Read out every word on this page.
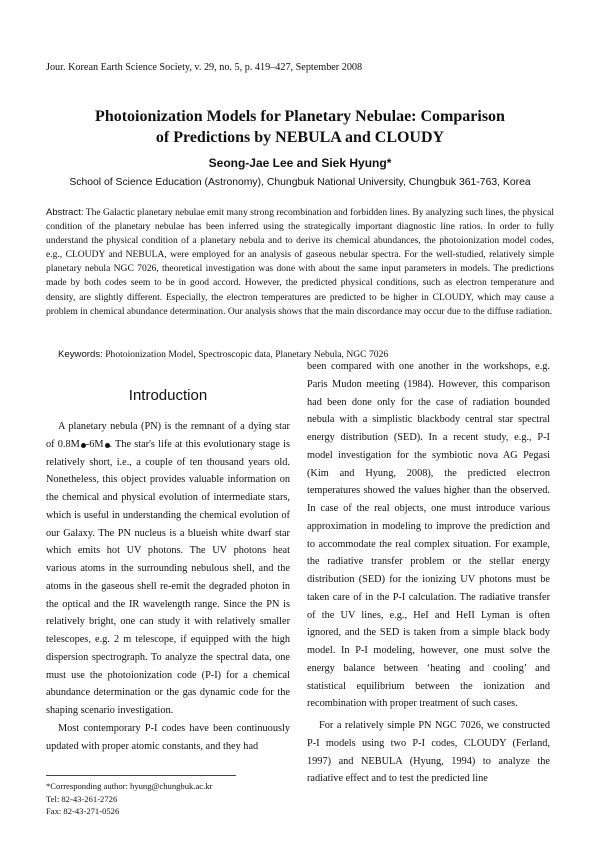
Jour. Korean Earth Science Society, v. 29, no. 5, p. 419–427, September 2008
Photoionization Models for Planetary Nebulae: Comparison
of Predictions by NEBULA and CLOUDY
Seong-Jae Lee and Siek Hyung*
School of Science Education (Astronomy), Chungbuk National University, Chungbuk 361-763, Korea
Abstract: The Galactic planetary nebulae emit many strong recombination and forbidden lines. By analyzing such lines, the physical condition of the planetary nebulae has been inferred using the strategically important diagnostic line ratios. In order to fully understand the physical condition of a planetary nebula and to derive its chemical abundances, the photoionization model codes, e.g., CLOUDY and NEBULA, were employed for an analysis of gaseous nebular spectra. For the well-studied, relatively simple planetary nebula NGC 7026, theoretical investigation was done with about the same input parameters in models. The predictions made by both codes seem to be in good accord. However, the predicted physical conditions, such as electron temperature and density, are slightly different. Especially, the electron temperatures are predicted to be higher in CLOUDY, which may cause a problem in chemical abundance determination. Our analysis shows that the main discordance may occur due to the diffuse radiation.
Keywords: Photoionization Model, Spectroscopic data, Planetary Nebula, NGC 7026
Introduction

A planetary nebula (PN) is the remnant of a dying star of 0.8M -6M . The star's life at this evolutionary stage is relatively short, i.e., a couple of ten thousand years old. Nonetheless, this object provides valuable information on the chemical and physical evolution of intermediate stars, which is useful in understanding the chemical evolution of our Galaxy. The PN nucleus is a blueish white dwarf star which emits hot UV photons. The UV photons heat various atoms in the surrounding nebulous shell, and the atoms in the gaseous shell re-emit the degraded photon in the optical and the IR wavelength range. Since the PN is relatively bright, one can study it with relatively smaller telescopes, e.g. 2 m telescope, if equipped with the high dispersion spectrograph. To analyze the spectral data, one must use the photoionization code (P-I) for a chemical abundance determination or the gas dynamic code for the shaping scenario investigation.

Most contemporary P-I codes have been continuously updated with proper atomic constants, and they had

been compared with one another in the workshops, e.g. Paris Mudon meeting (1984). However, this comparison had been done only for the case of radiation bounded nebula with a simplistic blackbody central star spectral energy distribution (SED). In a recent study, e.g., P-I model investigation for the symbiotic nova AG Pegasi (Kim and Hyung, 2008), the predicted electron temperatures showed the values higher than the observed. In case of the real objects, one must introduce various approximation in modeling to improve the prediction and to accommodate the real complex situation. For example, the radiative transfer problem or the stellar energy distribution (SED) for the ionizing UV photons must be taken care of in the P-I calculation. The radiative transfer of the UV lines, e.g., HeI and HeII Lyman is often ignored, and the SED is taken from a simple black body model. In P-I modeling, however, one must solve the energy balance between ‘heating and cooling’ and statistical equilibrium between the ionization and recombination with proper treatment of such cases.

For a relatively simple PN NGC 7026, we constructed P-I models using two P-I codes, CLOUDY (Ferland, 1997) and NEBULA (Hyung, 1994) to analyze the radiative effect and to test the predicted line

*Corresponding author: hyung@chungbuk.ac.kr
Tel: 82-43-261-2726
Fax: 82-43-271-0526
